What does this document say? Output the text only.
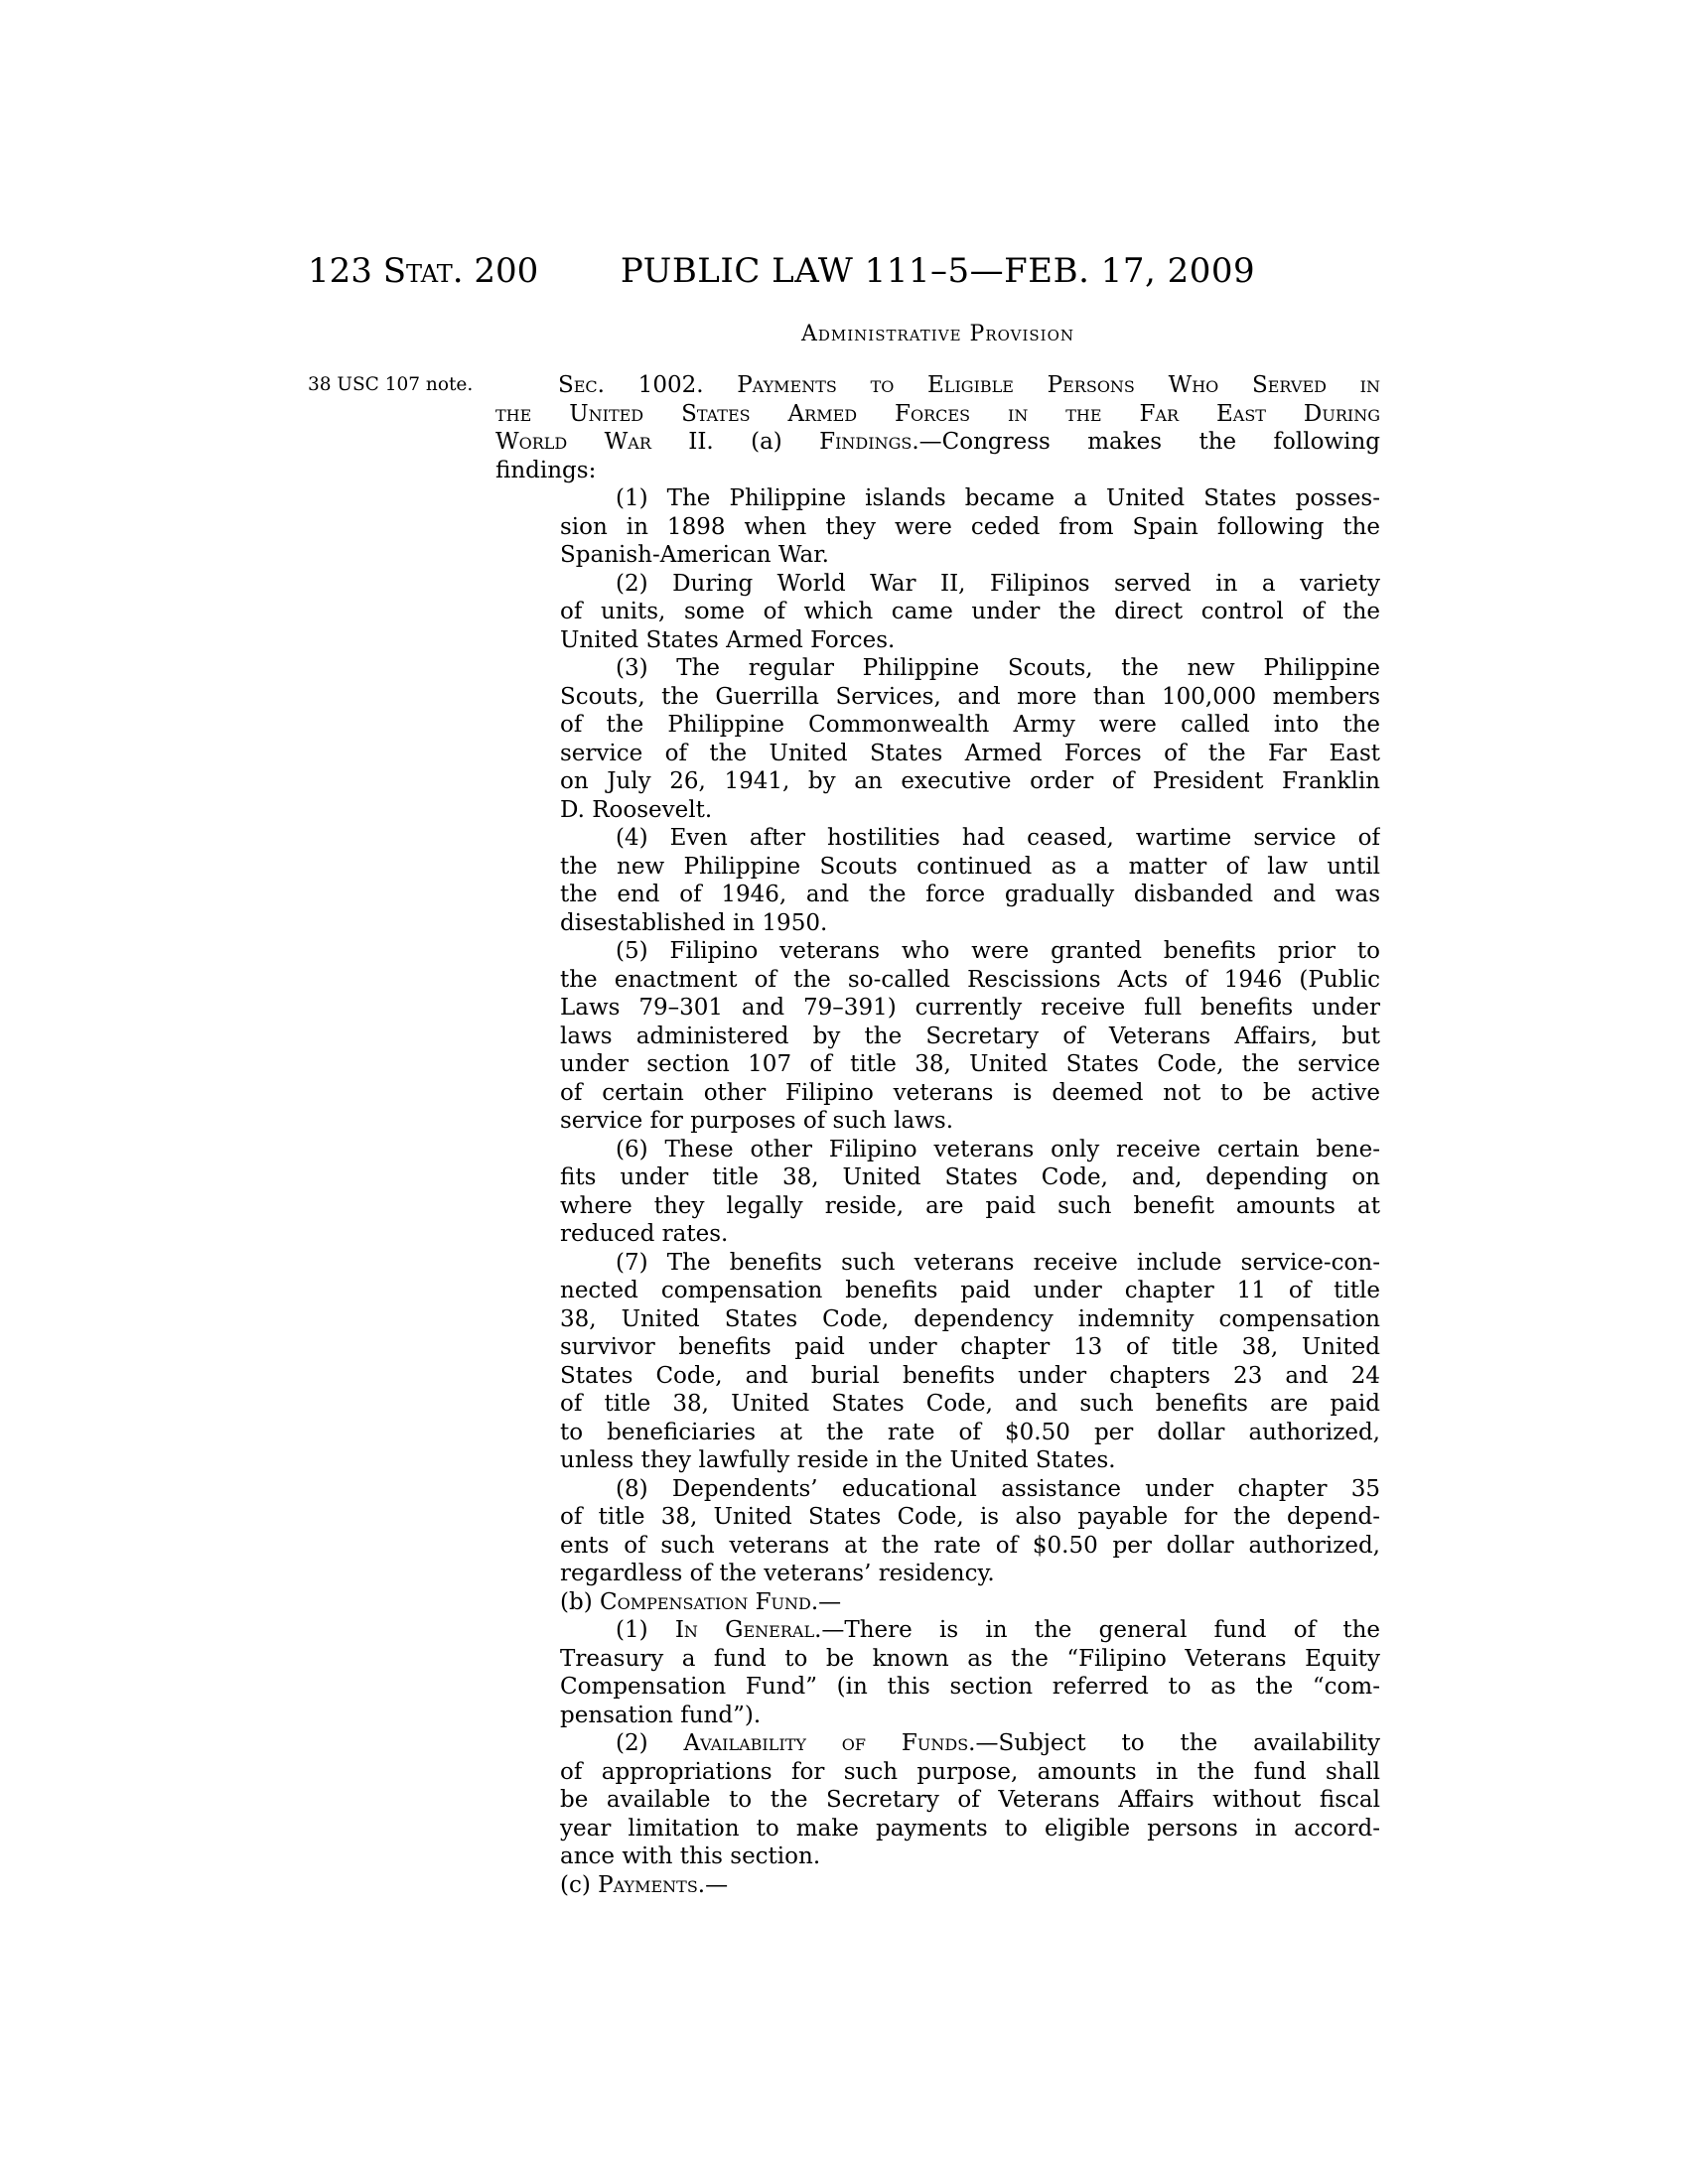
123 Stat. 200	PUBLIC LAW 111–5—FEB. 17, 2009
Administrative Provision
38 USC 107 note.	Sec. 1002. Payments to Eligible Persons Who Served in
the United States Armed Forces in the Far East During
World War II. (a) Findings.—Congress makes the following
findings:
(1) The Philippine islands became a United States posses-
sion in 1898 when they were ceded from Spain following the
Spanish-American War.
(2) During World War II, Filipinos served in a variety
of units, some of which came under the direct control of the
United States Armed Forces.
(3) The regular Philippine Scouts, the new Philippine
Scouts, the Guerrilla Services, and more than 100,000 members
of the Philippine Commonwealth Army were called into the
service of the United States Armed Forces of the Far East
on July 26, 1941, by an executive order of President Franklin
D. Roosevelt.
(4) Even after hostilities had ceased, wartime service of
the new Philippine Scouts continued as a matter of law until
the end of 1946, and the force gradually disbanded and was
disestablished in 1950.
(5) Filipino veterans who were granted benefits prior to
the enactment of the so-called Rescissions Acts of 1946 (Public
Laws 79–301 and 79–391) currently receive full benefits under
laws administered by the Secretary of Veterans Affairs, but
under section 107 of title 38, United States Code, the service
of certain other Filipino veterans is deemed not to be active
service for purposes of such laws.
(6) These other Filipino veterans only receive certain bene-
fits under title 38, United States Code, and, depending on
where they legally reside, are paid such benefit amounts at
reduced rates.
(7) The benefits such veterans receive include service-con-
nected compensation benefits paid under chapter 11 of title
38, United States Code, dependency indemnity compensation
survivor benefits paid under chapter 13 of title 38, United
States Code, and burial benefits under chapters 23 and 24
of title 38, United States Code, and such benefits are paid
to beneficiaries at the rate of $0.50 per dollar authorized,
unless they lawfully reside in the United States.
(8) Dependents’ educational assistance under chapter 35
of title 38, United States Code, is also payable for the depend-
ents of such veterans at the rate of $0.50 per dollar authorized,
regardless of the veterans’ residency.
(b) Compensation Fund.—
(1) In General.—There is in the general fund of the
Treasury a fund to be known as the “Filipino Veterans Equity
Compensation Fund” (in this section referred to as the “com-
pensation fund”).
(2) Availability of Funds.—Subject to the availability
of appropriations for such purpose, amounts in the fund shall
be available to the Secretary of Veterans Affairs without fiscal
year limitation to make payments to eligible persons in accord-
ance with this section.
(c) Payments.—
